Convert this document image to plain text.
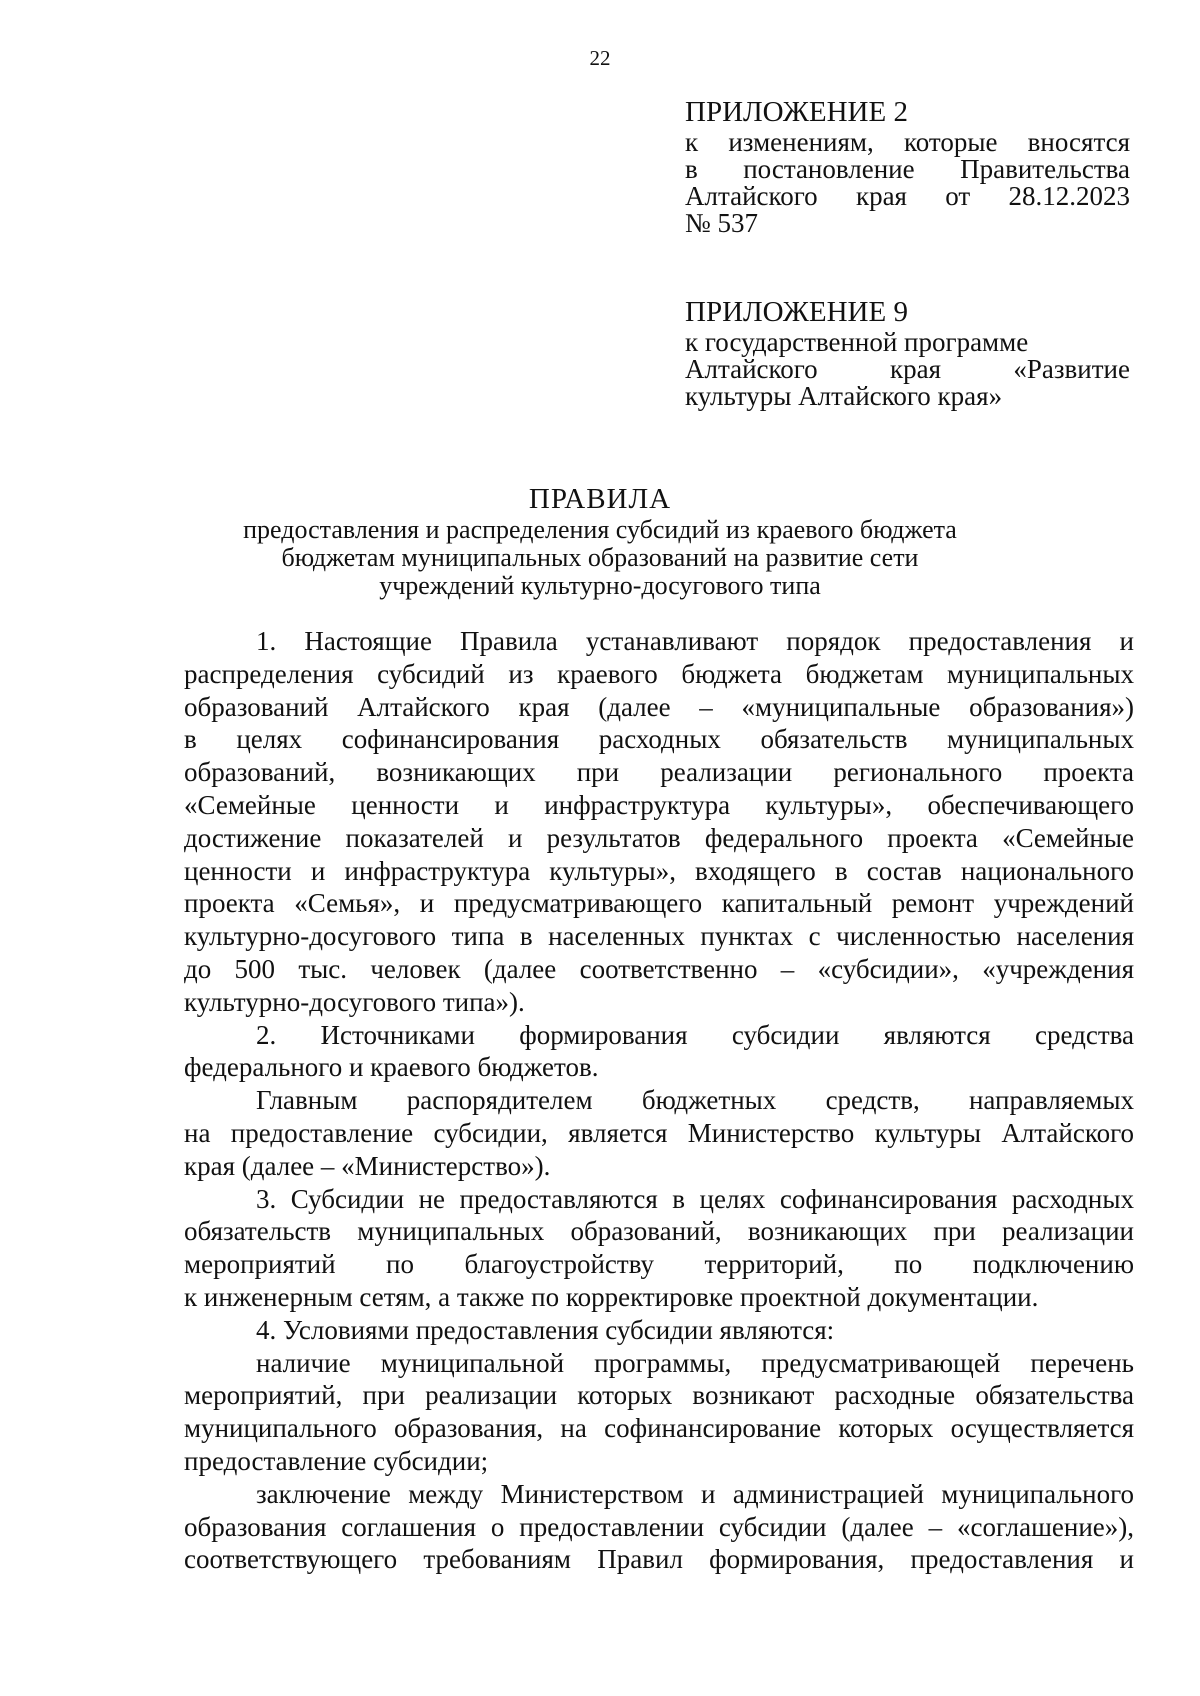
22
ПРИЛОЖЕНИЕ 2
к изменениям, которые вносятся
в постановление Правительства
Алтайского края от 28.12.2023
№ 537
ПРИЛОЖЕНИЕ 9
к государственной программе
Алтайского края «Развитие
культуры Алтайского края»
ПРАВИЛА
предоставления и распределения субсидий из краевого бюджета
бюджетам муниципальных образований на развитие сети
учреждений культурно-досугового типа
1. Настоящие Правила устанавливают порядок предоставления и
распределения субсидий из краевого бюджета бюджетам муниципальных
образований Алтайского края (далее – «муниципальные образования»)
в целях софинансирования расходных обязательств муниципальных
образований, возникающих при реализации регионального проекта
«Семейные ценности и инфраструктура культуры», обеспечивающего
достижение показателей и результатов федерального проекта «Семейные
ценности и инфраструктура культуры», входящего в состав национального
проекта «Семья», и предусматривающего капитальный ремонт учреждений
культурно-досугового типа в населенных пунктах с численностью населения
до 500 тыс. человек (далее соответственно – «субсидии», «учреждения
культурно-досугового типа»).
2. Источниками формирования субсидии являются средства
федерального и краевого бюджетов.
Главным распорядителем бюджетных средств, направляемых
на предоставление субсидии, является Министерство культуры Алтайского
края (далее – «Министерство»).
3. Субсидии не предоставляются в целях софинансирования расходных
обязательств муниципальных образований, возникающих при реализации
мероприятий по благоустройству территорий, по подключению
к инженерным сетям, а также по корректировке проектной документации.
4. Условиями предоставления субсидии являются:
наличие муниципальной программы, предусматривающей перечень
мероприятий, при реализации которых возникают расходные обязательства
муниципального образования, на софинансирование которых осуществляется
предоставление субсидии;
заключение между Министерством и администрацией муниципального
образования соглашения о предоставлении субсидии (далее – «соглашение»),
соответствующего требованиям Правил формирования, предоставления и
